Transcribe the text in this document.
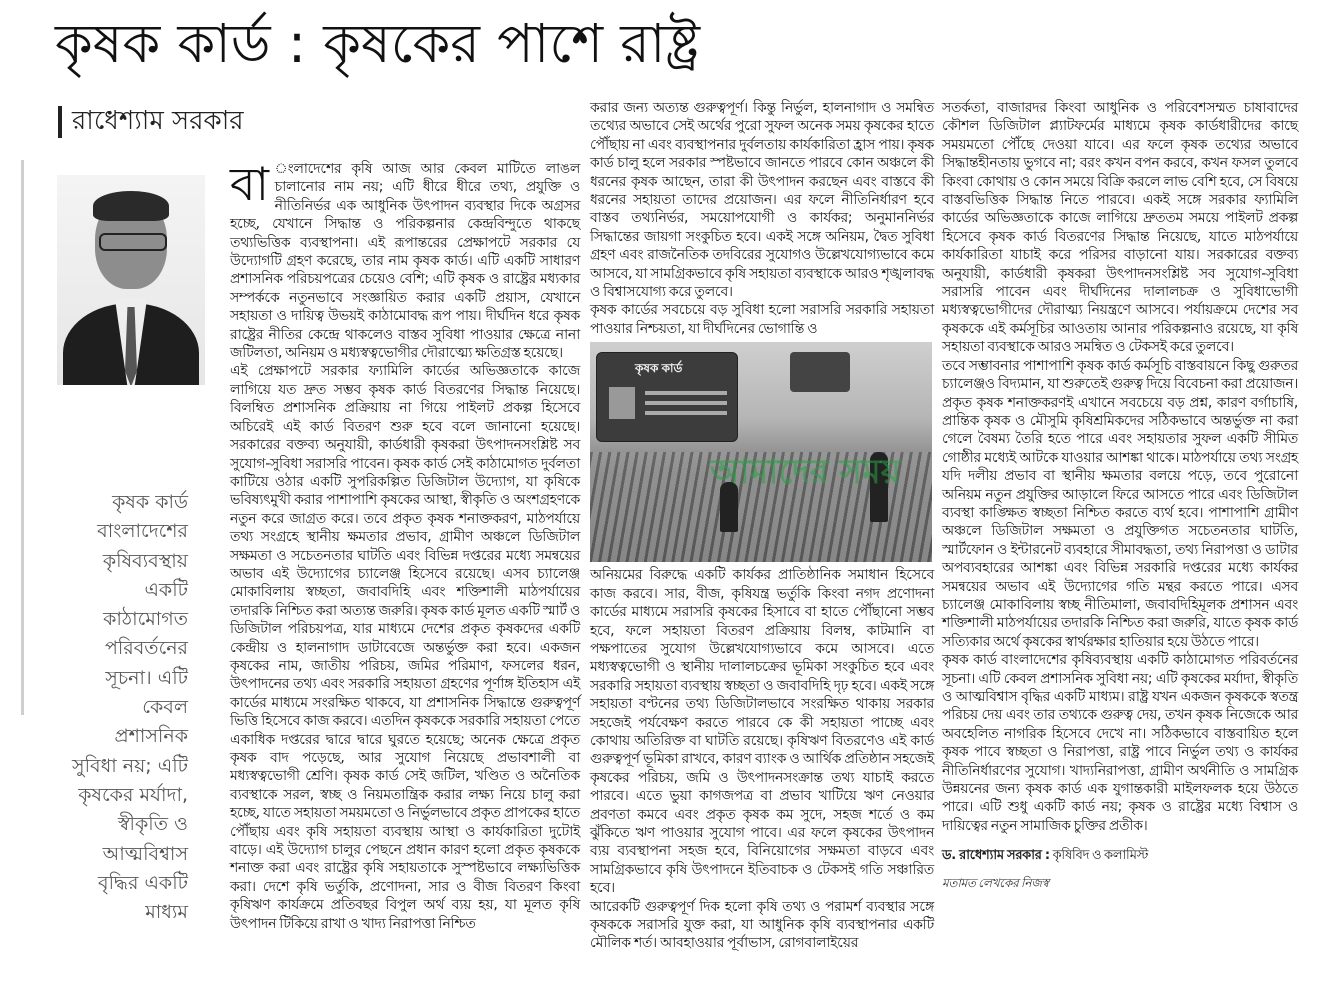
কৃষক কার্ড : কৃষকের পাশে রাষ্ট্র
রাধেশ্যাম সরকার
কৃষক কার্ড বাংলাদেশের কৃষিব্যবস্থায় একটি কাঠামোগত পরিবর্তনের সূচনা। এটি কেবল প্রশাসনিক সুবিধা নয়; এটি কৃষকের মর্যাদা, স্বীকৃতি ও আত্মবিশ্বাস বৃদ্ধির একটি মাধ্যম

বা ংলাদেশের কৃষি আজ আর কেবল মাটিতে লাঙল চালানোর নাম নয়; এটি ধীরে ধীরে তথ্য, প্রযুক্তি ও নীতিনির্ভর এক আধুনিক উৎপাদন ব্যবস্থার দিকে অগ্রসর হচ্ছে, যেখানে সিদ্ধান্ত ও পরিকল্পনার কেন্দ্রবিন্দুতে থাকছে তথ্যভিত্তিক ব্যবস্থাপনা। এই রূপান্তরের প্রেক্ষাপটে সরকার যে উদ্যোগটি গ্রহণ করেছে, তার নাম কৃষক কার্ড। এটি একটি সাধারণ প্রশাসনিক পরিচয়পত্রের চেয়েও বেশি; এটি কৃষক ও রাষ্ট্রের মধ্যকার সম্পর্ককে নতুনভাবে সংজ্ঞায়িত করার একটি প্রয়াস, যেখানে সহায়তা ও দায়িত্ব উভয়ই কাঠামোবদ্ধ রূপ পায়। দীর্ঘদিন ধরে কৃষক রাষ্ট্রের নীতির কেন্দ্রে থাকলেও বাস্তব সুবিধা পাওয়ার ক্ষেত্রে নানা জটিলতা, অনিয়ম ও মধ্যস্বত্বভোগীর দৌরাত্ম্যে ক্ষতিগ্রস্ত হয়েছে।

এই প্রেক্ষাপটে সরকার ফ্যামিলি কার্ডের অভিজ্ঞতাকে কাজে লাগিয়ে যত দ্রুত সম্ভব কৃষক কার্ড বিতরণের সিদ্ধান্ত নিয়েছে। বিলম্বিত প্রশাসনিক প্রক্রিয়ায় না গিয়ে পাইলট প্রকল্প হিসেবে অচিরেই এই কার্ড বিতরণ শুরু হবে বলে জানানো হয়েছে। সরকারের বক্তব্য অনুযায়ী, কার্ডধারী কৃষকরা উৎপাদনসংশ্লিষ্ট সব সুযোগ-সুবিধা সরাসরি পাবেন। কৃষক কার্ড সেই কাঠামোগত দুর্বলতা কাটিয়ে ওঠার একটি সুপরিকল্পিত ডিজিটাল উদ্যোগ, যা কৃষিকে ভবিষ্যৎমুখী করার পাশাপাশি কৃষকের আস্থা, স্বীকৃতি ও অংশগ্রহণকে নতুন করে জাগ্রত করে। তবে প্রকৃত কৃষক শনাক্তকরণ, মাঠপর্যায়ে তথ্য সংগ্রহে স্থানীয় ক্ষমতার প্রভাব, গ্রামীণ অঞ্চলে ডিজিটাল সক্ষমতা ও সচেতনতার ঘাটতি এবং বিভিন্ন দপ্তরের মধ্যে সমন্বয়ের অভাব এই উদ্যোগের চ্যালেঞ্জ হিসেবে রয়েছে। এসব চ্যালেঞ্জ মোকাবিলায় স্বচ্ছতা, জবাবদিহি এবং শক্তিশালী মাঠপর্যায়ের তদারকি নিশ্চিত করা অত্যন্ত জরুরি। কৃষক কার্ড মূলত একটি স্মার্ট ও ডিজিটাল পরিচয়পত্র, যার মাধ্যমে দেশের প্রকৃত কৃষকদের একটি কেন্দ্রীয় ও হালনাগাদ ডাটাবেজে অন্তর্ভুক্ত করা হবে। একজন কৃষকের নাম, জাতীয় পরিচয়, জমির পরিমাণ, ফসলের ধরন, উৎপাদনের তথ্য এবং সরকারি সহায়তা গ্রহণের পূর্ণাঙ্গ ইতিহাস এই কার্ডের মাধ্যমে সংরক্ষিত থাকবে, যা প্রশাসনিক সিদ্ধান্তে গুরুত্বপূর্ণ ভিত্তি হিসেবে কাজ করবে। এতদিন কৃষককে সরকারি সহায়তা পেতে একাধিক দপ্তরের দ্বারে দ্বারে ঘুরতে হয়েছে; অনেক ক্ষেত্রে প্রকৃত কৃষক বাদ পড়েছে, আর সুযোগ নিয়েছে প্রভাবশালী বা মধ্যস্বত্বভোগী শ্রেণি। কৃষক কার্ড সেই জটিল, খণ্ডিত ও অনৈতিক ব্যবস্থাকে সরল, স্বচ্ছ ও নিয়মতান্ত্রিক করার লক্ষ্য নিয়ে চালু করা হচ্ছে, যাতে সহায়তা সময়মতো ও নির্ভুলভাবে প্রকৃত প্রাপকের হাতে পৌঁছায় এবং কৃষি সহায়তা ব্যবস্থায় আস্থা ও কার্যকারিতা দুটোই বাড়ে। এই উদ্যোগ চালুর পেছনে প্রধান কারণ হলো প্রকৃত কৃষককে শনাক্ত করা এবং রাষ্ট্রের কৃষি সহায়তাকে সুস্পষ্টভাবে লক্ষ্যভিত্তিক করা। দেশে কৃষি ভর্তুকি, প্রণোদনা, সার ও বীজ বিতরণ কিংবা কৃষিঋণ কার্যক্রমে প্রতিবছর বিপুল অর্থ ব্যয় হয়, যা মূলত কৃষি উৎপাদন টিকিয়ে রাখা ও খাদ্য নিরাপত্তা নিশ্চিত

করার জন্য অত্যন্ত গুরুত্বপূর্ণ। কিন্তু নির্ভুল, হালনাগাদ ও সমন্বিত তথ্যের অভাবে সেই অর্থের পুরো সুফল অনেক সময় কৃষকের হাতে পৌঁছায় না এবং ব্যবস্থাপনার দুর্বলতায় কার্যকারিতা হ্রাস পায়। কৃষক কার্ড চালু হলে সরকার স্পষ্টভাবে জানতে পারবে কোন অঞ্চলে কী ধরনের কৃষক আছেন, তারা কী উৎপাদন করছেন এবং বাস্তবে কী ধরনের সহায়তা তাদের প্রয়োজন। এর ফলে নীতিনির্ধারণ হবে বাস্তব তথ্যনির্ভর, সময়োপযোগী ও কার্যকর; অনুমাননির্ভর সিদ্ধান্তের জায়গা সংকুচিত হবে। একই সঙ্গে অনিয়ম, দ্বৈত সুবিধা গ্রহণ এবং রাজনৈতিক তদবিরের সুযোগও উল্লেখযোগ্যভাবে কমে আসবে, যা সামগ্রিকভাবে কৃষি সহায়তা ব্যবস্থাকে আরও শৃঙ্খলাবদ্ধ ও বিশ্বাসযোগ্য করে তুলবে।

কৃষক কার্ডের সবচেয়ে বড় সুবিধা হলো সরাসরি সরকারি সহায়তা পাওয়ার নিশ্চয়তা, যা দীর্ঘদিনের ভোগান্তি ও

কৃষক কার্ড
আমাদের সময়

অনিয়মের বিরুদ্ধে একটি কার্যকর প্রাতিষ্ঠানিক সমাধান হিসেবে কাজ করবে। সার, বীজ, কৃষিযন্ত্র ভর্তুকি কিংবা নগদ প্রণোদনা কার্ডের মাধ্যমে সরাসরি কৃষকের হিসাবে বা হাতে পৌঁছানো সম্ভব হবে, ফলে সহায়তা বিতরণ প্রক্রিয়ায় বিলম্ব, কাটমানি বা পক্ষপাতের সুযোগ উল্লেখযোগ্যভাবে কমে আসবে। এতে মধ্যস্বত্বভোগী ও স্থানীয় দালালচক্রের ভূমিকা সংকুচিত হবে এবং সরকারি সহায়তা ব্যবস্থায় স্বচ্ছতা ও জবাবদিহি দৃঢ় হবে। একই সঙ্গে সহায়তা বণ্টনের তথ্য ডিজিটালভাবে সংরক্ষিত থাকায় সরকার সহজেই পর্যবেক্ষণ করতে পারবে কে কী সহায়তা পাচ্ছে এবং কোথায় অতিরিক্ত বা ঘাটতি রয়েছে। কৃষিঋণ বিতরণেও এই কার্ড গুরুত্বপূর্ণ ভূমিকা রাখবে, কারণ ব্যাংক ও আর্থিক প্রতিষ্ঠান সহজেই কৃষকের পরিচয়, জমি ও উৎপাদনসংক্রান্ত তথ্য যাচাই করতে পারবে। এতে ভুয়া কাগজপত্র বা প্রভাব খাটিয়ে ঋণ নেওয়ার প্রবণতা কমবে এবং প্রকৃত কৃষক কম সুদে, সহজ শর্তে ও কম ঝুঁকিতে ঋণ পাওয়ার সুযোগ পাবে। এর ফলে কৃষকের উৎপাদন ব্যয় ব্যবস্থাপনা সহজ হবে, বিনিয়োগের সক্ষমতা বাড়বে এবং সামগ্রিকভাবে কৃষি উৎপাদনে ইতিবাচক ও টেকসই গতি সঞ্চারিত হবে।

আরেকটি গুরুত্বপূর্ণ দিক হলো কৃষি তথ্য ও পরামর্শ ব্যবস্থার সঙ্গে কৃষককে সরাসরি যুক্ত করা, যা আধুনিক কৃষি ব্যবস্থাপনার একটি মৌলিক শর্ত। আবহাওয়ার পূর্বাভাস, রোগবালাইয়ের

সতর্কতা, বাজারদর কিংবা আধুনিক ও পরিবেশসম্মত চাষাবাদের কৌশল ডিজিটাল প্ল্যাটফর্মের মাধ্যমে কৃষক কার্ডধারীদের কাছে সময়মতো পৌঁছে দেওয়া যাবে। এর ফলে কৃষক তথ্যের অভাবে সিদ্ধান্তহীনতায় ভুগবে না; বরং কখন বপন করবে, কখন ফসল তুলবে কিংবা কোথায় ও কোন সময়ে বিক্রি করলে লাভ বেশি হবে, সে বিষয়ে বাস্তবভিত্তিক সিদ্ধান্ত নিতে পারবে। একই সঙ্গে সরকার ফ্যামিলি কার্ডের অভিজ্ঞতাকে কাজে লাগিয়ে দ্রুততম সময়ে পাইলট প্রকল্প হিসেবে কৃষক কার্ড বিতরণের সিদ্ধান্ত নিয়েছে, যাতে মাঠপর্যায়ে কার্যকারিতা যাচাই করে পরিসর বাড়ানো যায়। সরকারের বক্তব্য অনুযায়ী, কার্ডধারী কৃষকরা উৎপাদনসংশ্লিষ্ট সব সুযোগ-সুবিধা সরাসরি পাবেন এবং দীর্ঘদিনের দালালচক্র ও সুবিধাভোগী মধ্যস্বত্বভোগীদের দৌরাত্ম্য নিয়ন্ত্রণে আসবে। পর্যায়ক্রমে দেশের সব কৃষককে এই কর্মসূচির আওতায় আনার পরিকল্পনাও রয়েছে, যা কৃষি সহায়তা ব্যবস্থাকে আরও সমন্বিত ও টেকসই করে তুলবে।

তবে সম্ভাবনার পাশাপাশি কৃষক কার্ড কর্মসূচি বাস্তবায়নে কিছু গুরুতর চ্যালেঞ্জও বিদ্যমান, যা শুরুতেই গুরুত্ব দিয়ে বিবেচনা করা প্রয়োজন। প্রকৃত কৃষক শনাক্তকরণই এখানে সবচেয়ে বড় প্রশ্ন, কারণ বর্গাচাষি, প্রান্তিক কৃষক ও মৌসুমি কৃষিশ্রমিকদের সঠিকভাবে অন্তর্ভুক্ত না করা গেলে বৈষম্য তৈরি হতে পারে এবং সহায়তার সুফল একটি সীমিত গোষ্ঠীর মধ্যেই আটকে যাওয়ার আশঙ্কা থাকে। মাঠপর্যায়ে তথ্য সংগ্রহ যদি দলীয় প্রভাব বা স্থানীয় ক্ষমতার বলয়ে পড়ে, তবে পুরোনো অনিয়ম নতুন প্রযুক্তির আড়ালে ফিরে আসতে পারে এবং ডিজিটাল ব্যবস্থা কাঙ্ক্ষিত স্বচ্ছতা নিশ্চিত করতে ব্যর্থ হবে। পাশাপাশি গ্রামীণ অঞ্চলে ডিজিটাল সক্ষমতা ও প্রযুক্তিগত সচেতনতার ঘাটতি, স্মার্টফোন ও ইন্টারনেট ব্যবহারে সীমাবদ্ধতা, তথ্য নিরাপত্তা ও ডাটার অপব্যবহারের আশঙ্কা এবং বিভিন্ন সরকারি দপ্তরের মধ্যে কার্যকর সমন্বয়ের অভাব এই উদ্যোগের গতি মন্থর করতে পারে। এসব চ্যালেঞ্জ মোকাবিলায় স্বচ্ছ নীতিমালা, জবাবদিহিমূলক প্রশাসন এবং শক্তিশালী মাঠপর্যায়ের তদারকি নিশ্চিত করা জরুরি, যাতে কৃষক কার্ড সত্যিকার অর্থে কৃষকের স্বার্থরক্ষার হাতিয়ার হয়ে উঠতে পারে।

কৃষক কার্ড বাংলাদেশের কৃষিব্যবস্থায় একটি কাঠামোগত পরিবর্তনের সূচনা। এটি কেবল প্রশাসনিক সুবিধা নয়; এটি কৃষকের মর্যাদা, স্বীকৃতি ও আত্মবিশ্বাস বৃদ্ধির একটি মাধ্যম। রাষ্ট্র যখন একজন কৃষককে স্বতন্ত্র পরিচয় দেয় এবং তার তথ্যকে গুরুত্ব দেয়, তখন কৃষক নিজেকে আর অবহেলিত নাগরিক হিসেবে দেখে না। সঠিকভাবে বাস্তবায়িত হলে কৃষক পাবে স্বচ্ছতা ও নিরাপত্তা, রাষ্ট্র পাবে নির্ভুল তথ্য ও কার্যকর নীতিনির্ধারণের সুযোগ। খাদ্যনিরাপত্তা, গ্রামীণ অর্থনীতি ও সামগ্রিক উন্নয়নের জন্য কৃষক কার্ড এক যুগান্তকারী মাইলফলক হয়ে উঠতে পারে। এটি শুধু একটি কার্ড নয়; কৃষক ও রাষ্ট্রের মধ্যে বিশ্বাস ও দায়িত্বের নতুন সামাজিক চুক্তির প্রতীক।

ড. রাধেশ্যাম সরকার : কৃষিবিদ ও কলামিস্ট
মতামত লেখকের নিজস্ব
